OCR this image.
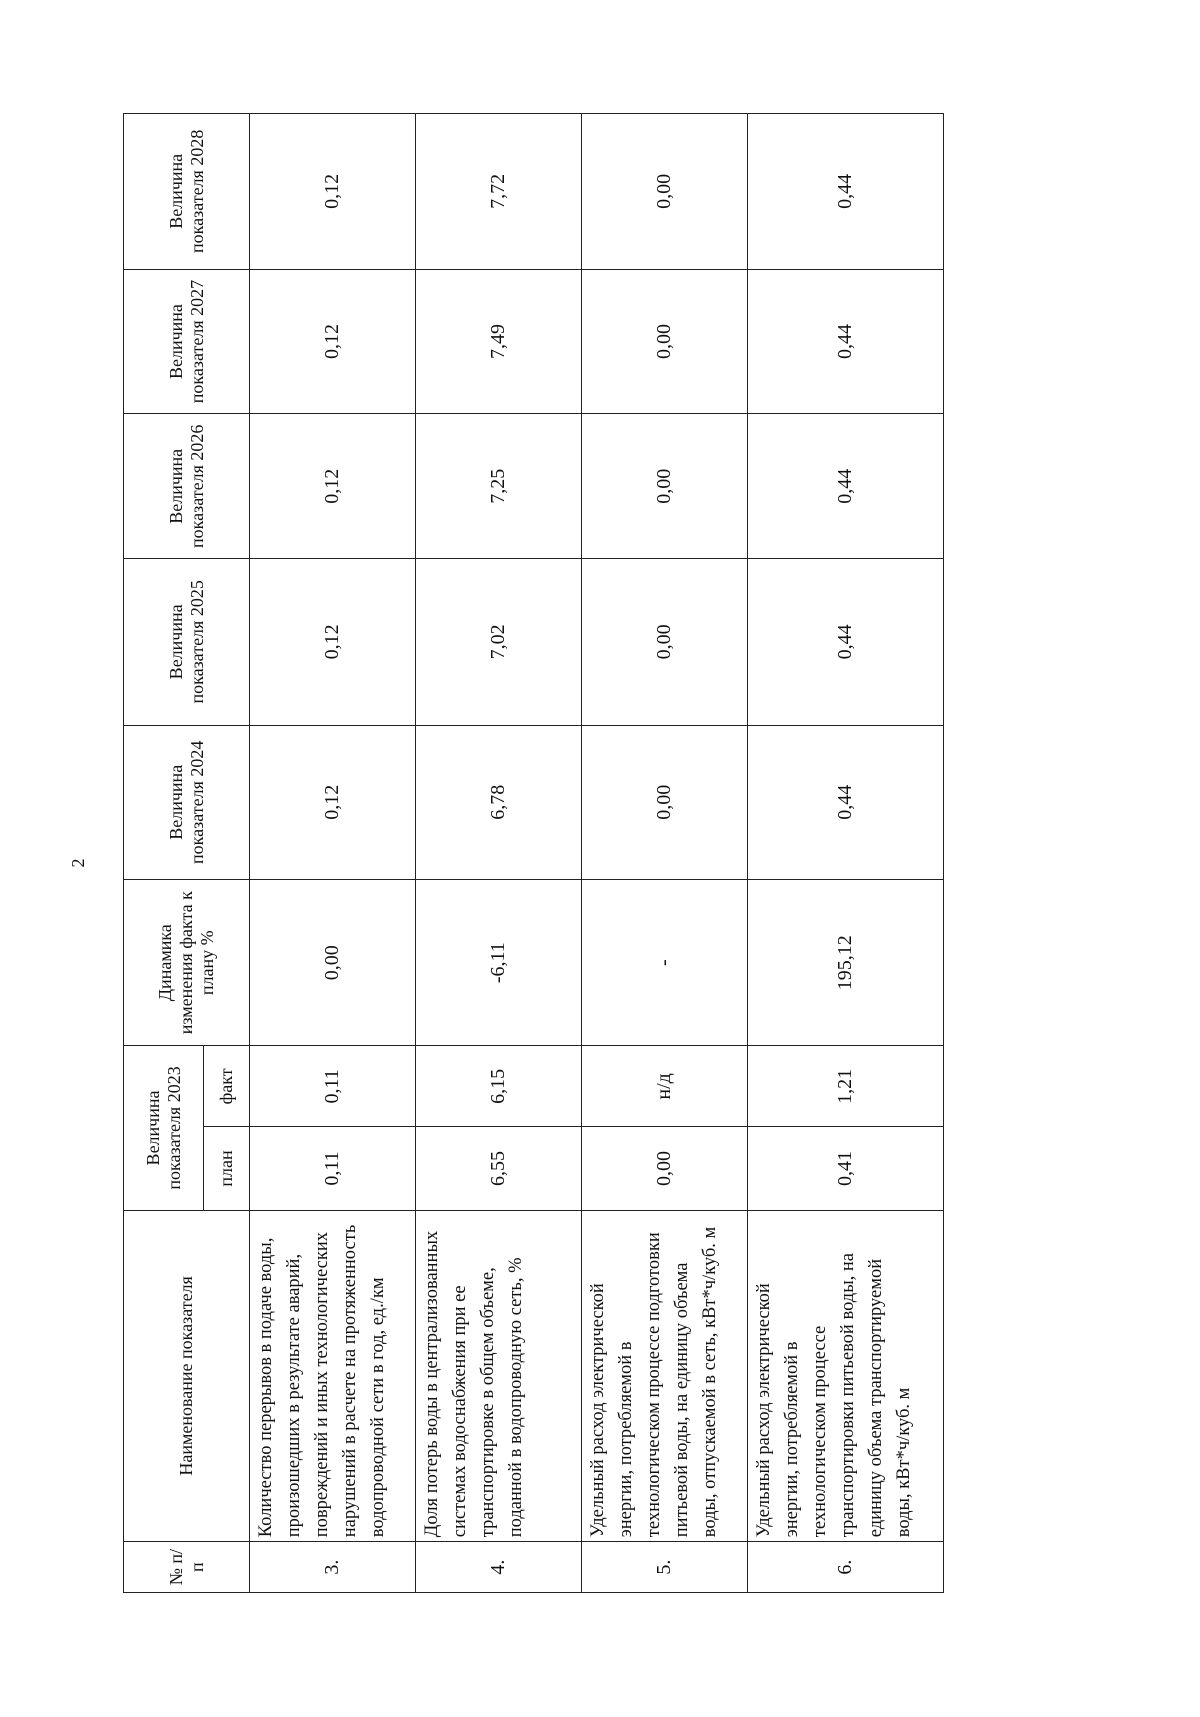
2
№ п/п	Наименование показателя	Величина показателя 2023		Динамика изменения факта к плану %	Величина показателя 2024	Величина показателя 2025	Величина показателя 2026	Величина показателя 2027	Величина показателя 2028
		план	факт						
3.	Количество перерывов в подаче воды, произошедших в результате аварий, повреждений и иных технологических нарушений в расчете на протяженность водопроводной сети в год, ед./км	0,11	0,11	0,00	0,12	0,12	0,12	0,12	0,12
4.	Доля потерь воды в централизованных системах водоснабжения при ее транспортировке в общем объеме, поданной в водопроводную сеть, %	6,55	6,15	-6,11	6,78	7,02	7,25	7,49	7,72
5.	Удельный расход электрической энергии, потребляемой в технологическом процессе подготовки питьевой воды, на единицу объема воды, отпускаемой в сеть, кВт*ч/куб. м	0,00	н/д	-	0,00	0,00	0,00	0,00	0,00
6.	Удельный расход электрической энергии, потребляемой в технологическом процессе транспортировки питьевой воды, на единицу объема транспортируемой воды, кВт*ч/куб. м	0,41	1,21	195,12	0,44	0,44	0,44	0,44	0,44
